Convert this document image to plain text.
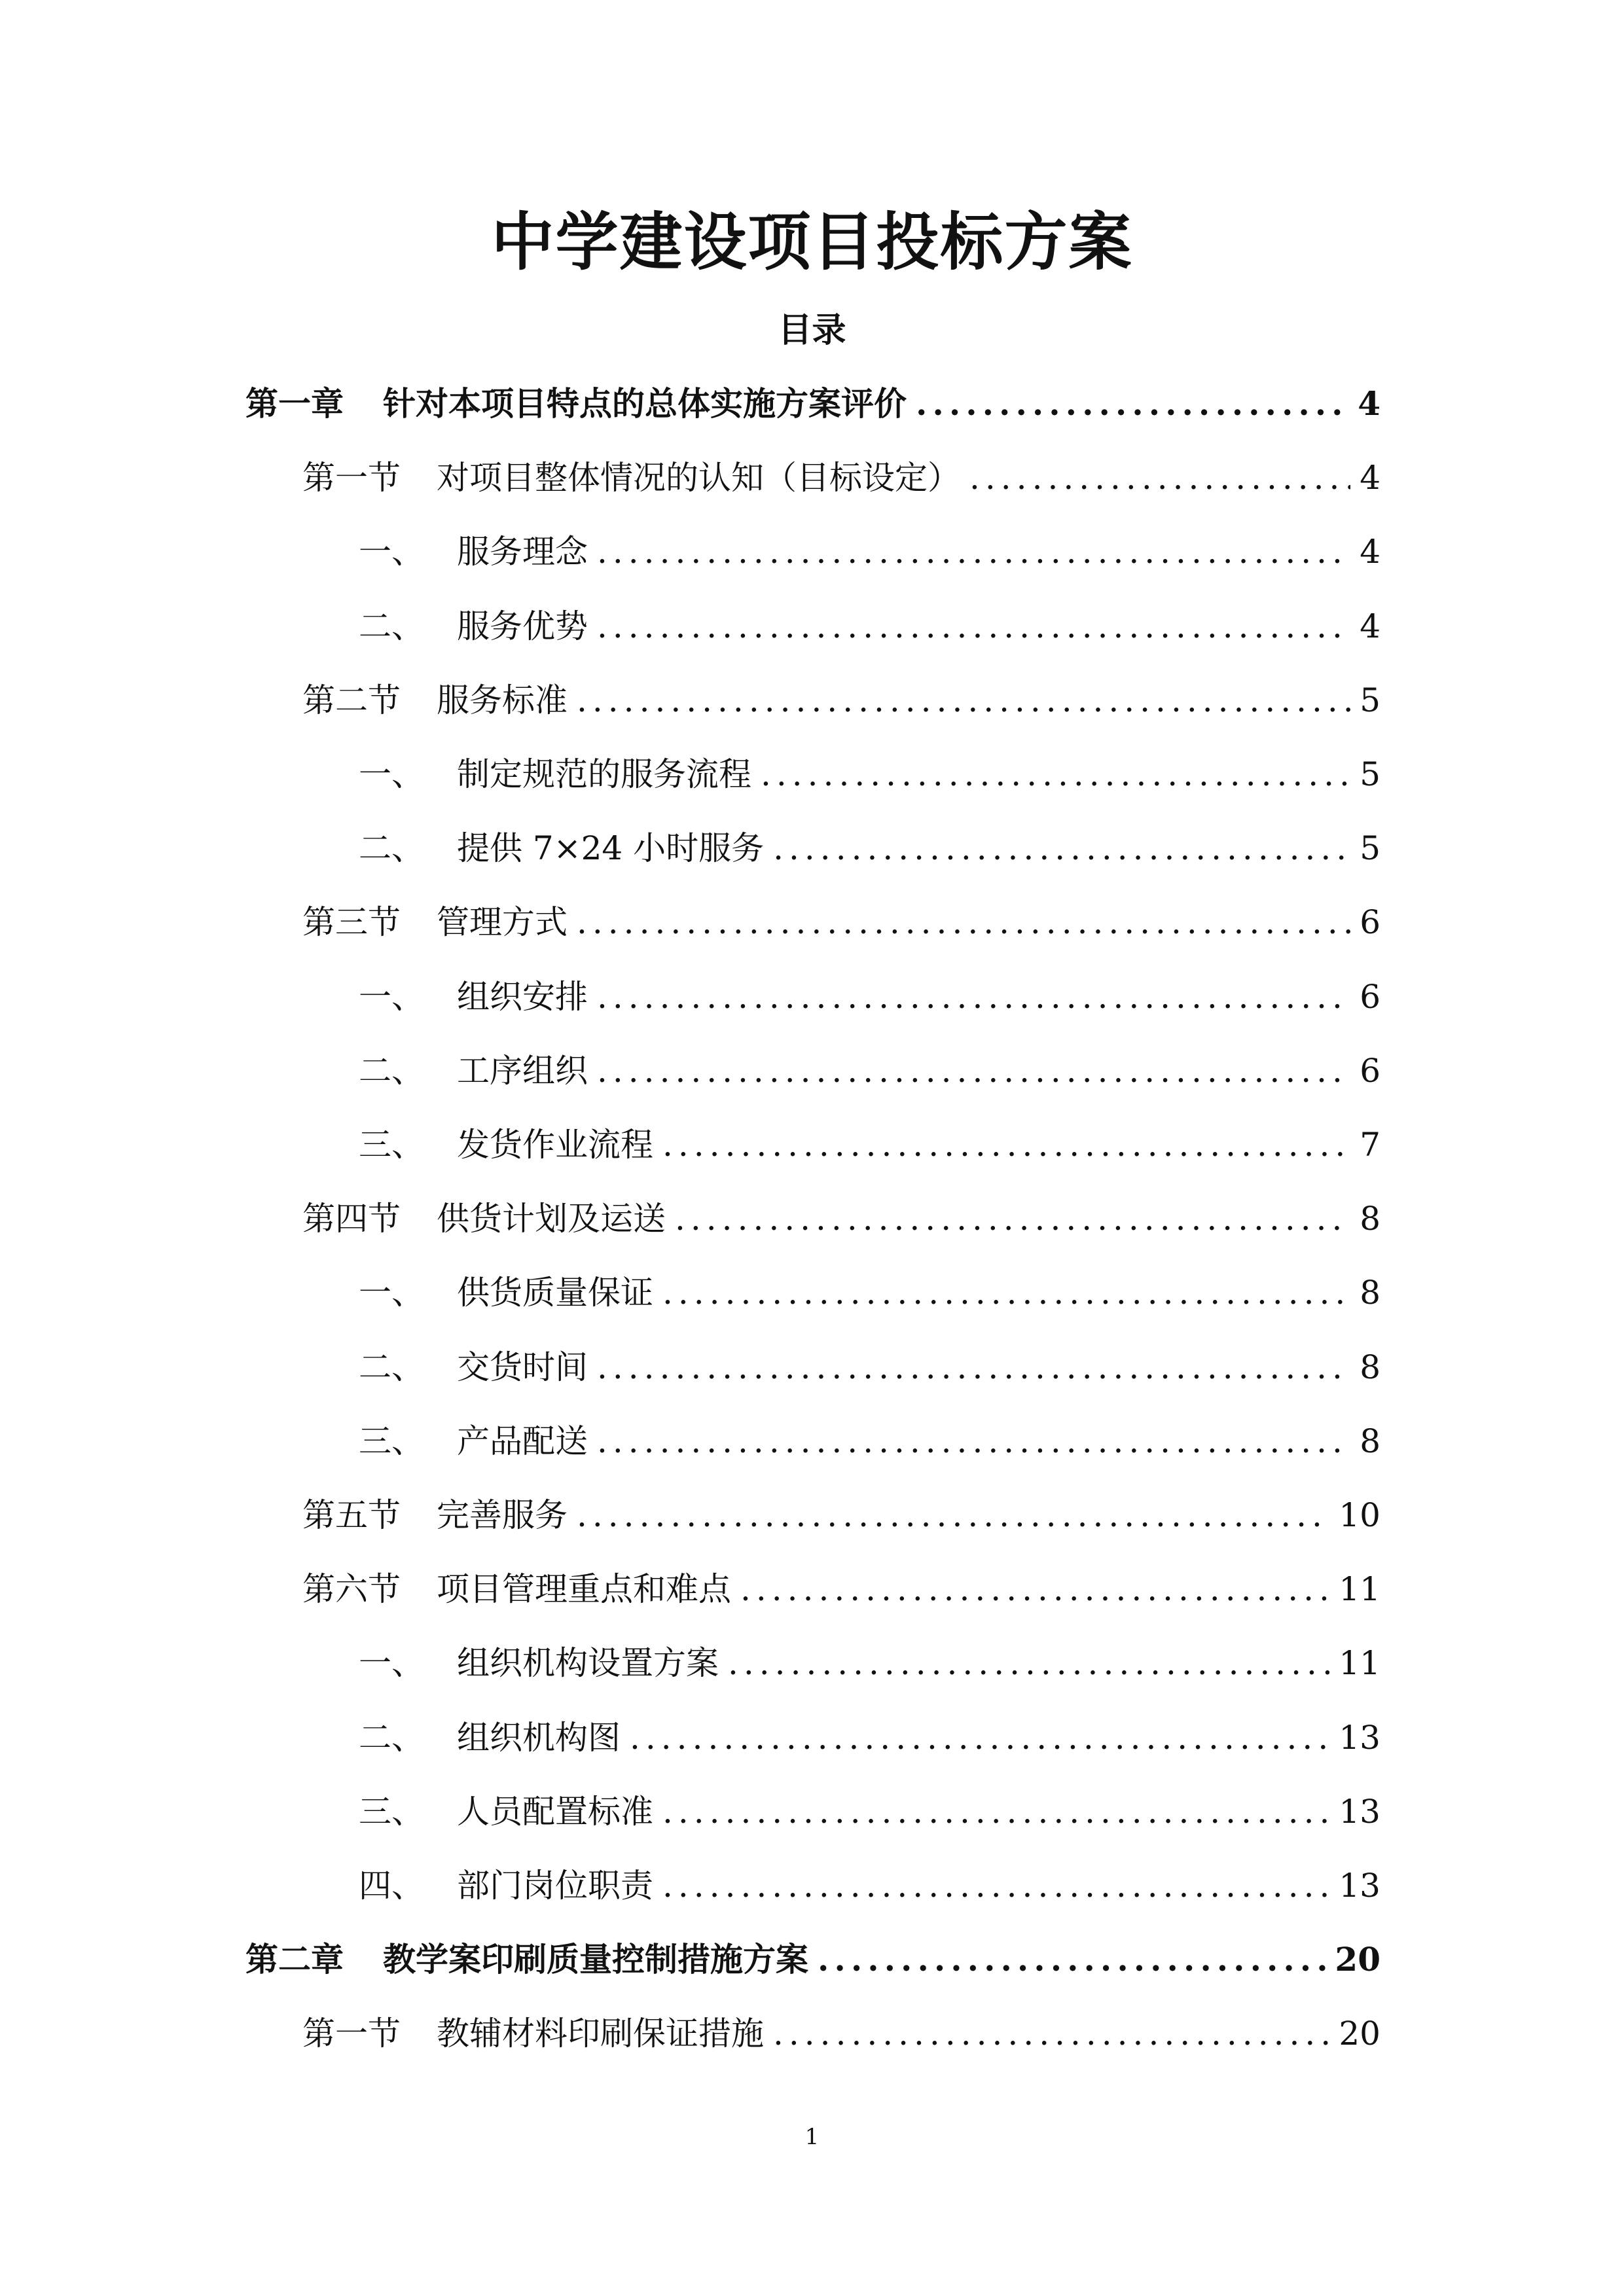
中学建设项目投标方案
目录
第一章	针对本项目特点的总体实施方案评价 .....	4
第一节	对项目整体情况的认知（目标设定） .....	4
一、	服务理念 .....	4
二、	服务优势 .....	4
第二节	服务标准 .....	5
一、	制定规范的服务流程 .....	5
二、	提供 7×24 小时服务 .....	5
第三节	管理方式 .....	6
一、	组织安排 .....	6
二、	工序组织 .....	6
三、	发货作业流程 .....	7
第四节	供货计划及运送 .....	8
一、	供货质量保证 .....	8
二、	交货时间 .....	8
三、	产品配送 .....	8
第五节	完善服务 .....	10
第六节	项目管理重点和难点 .....	11
一、	组织机构设置方案 .....	11
二、	组织机构图 .....	13
三、	人员配置标准 .....	13
四、	部门岗位职责 .....	13
第二章	教学案印刷质量控制措施方案 .....	20
第一节	教辅材料印刷保证措施 .....	20
1
